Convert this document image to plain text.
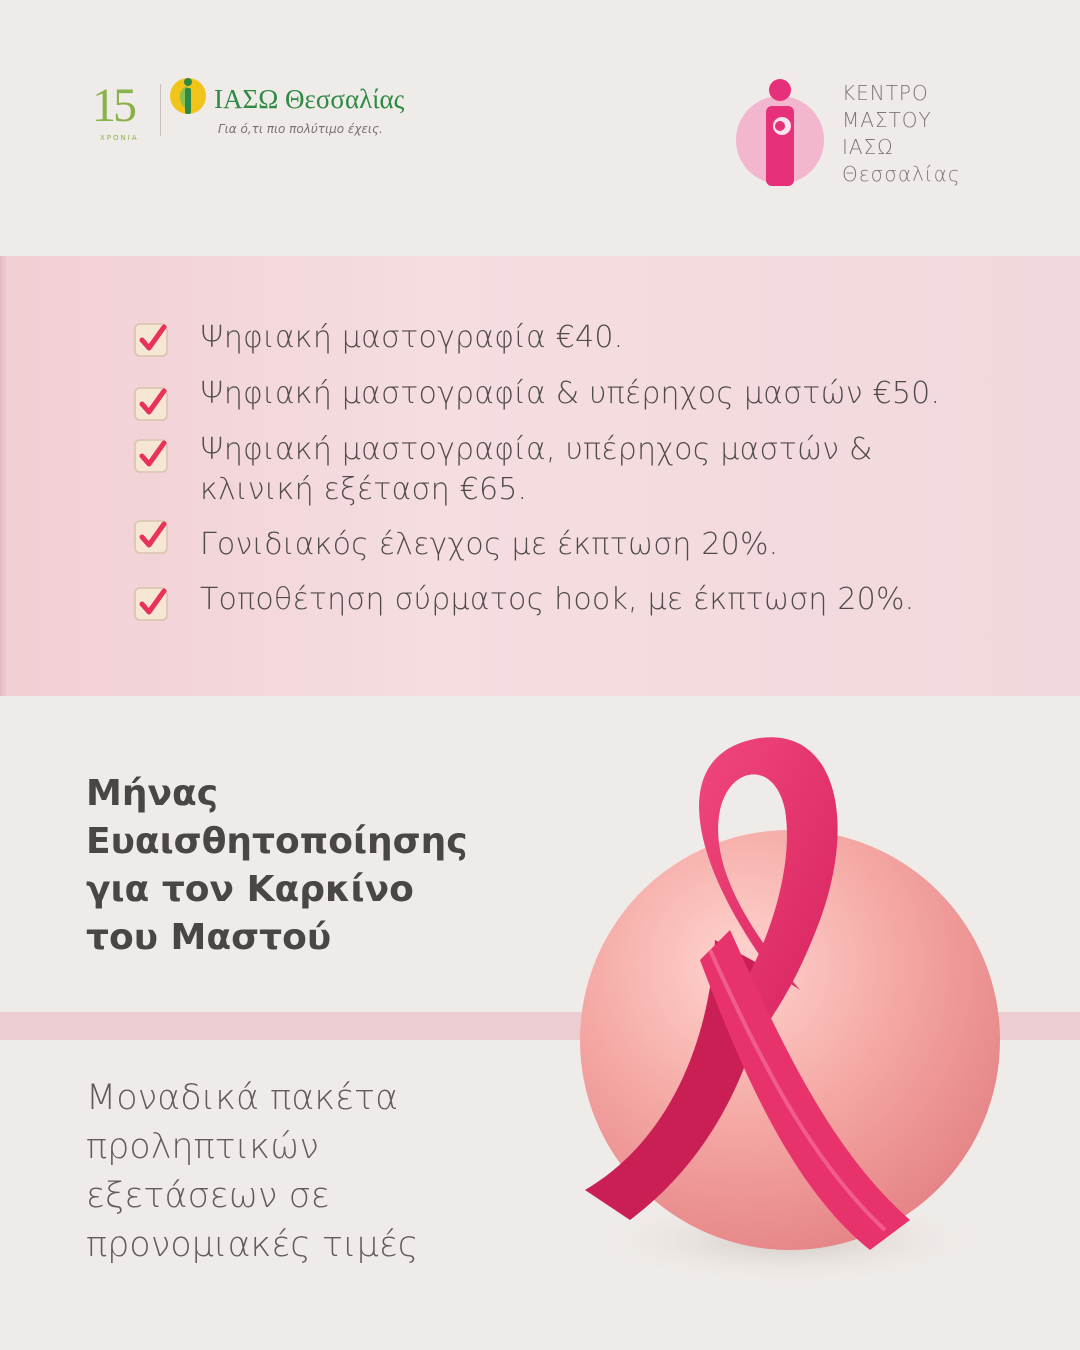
15
ΧΡΟΝΙΑ
ΙΑΣΩ Θεσσαλίας
Για ό,τι πιο πολύτιμο έχεις.
ΚΕΝΤΡΟ
ΜΑΣΤΟΥ
ΙΑΣΩ
Θεσσαλίας
Ψηφιακή μαστογραφία €40.
Ψηφιακή μαστογραφία & υπέρηχος μαστών €50.
Ψηφιακή μαστογραφία, υπέρηχος μαστών &
κλινική εξέταση €65.
Γονιδιακός έλεγχος με έκπτωση 20%.
Τοποθέτηση σύρματος hook, με έκπτωση 20%.
Μήνας
Ευαισθητοποίησης
για τον Καρκίνο
του Μαστού
Μοναδικά πακέτα
προληπτικών
εξετάσεων σε
προνομιακές τιμές
